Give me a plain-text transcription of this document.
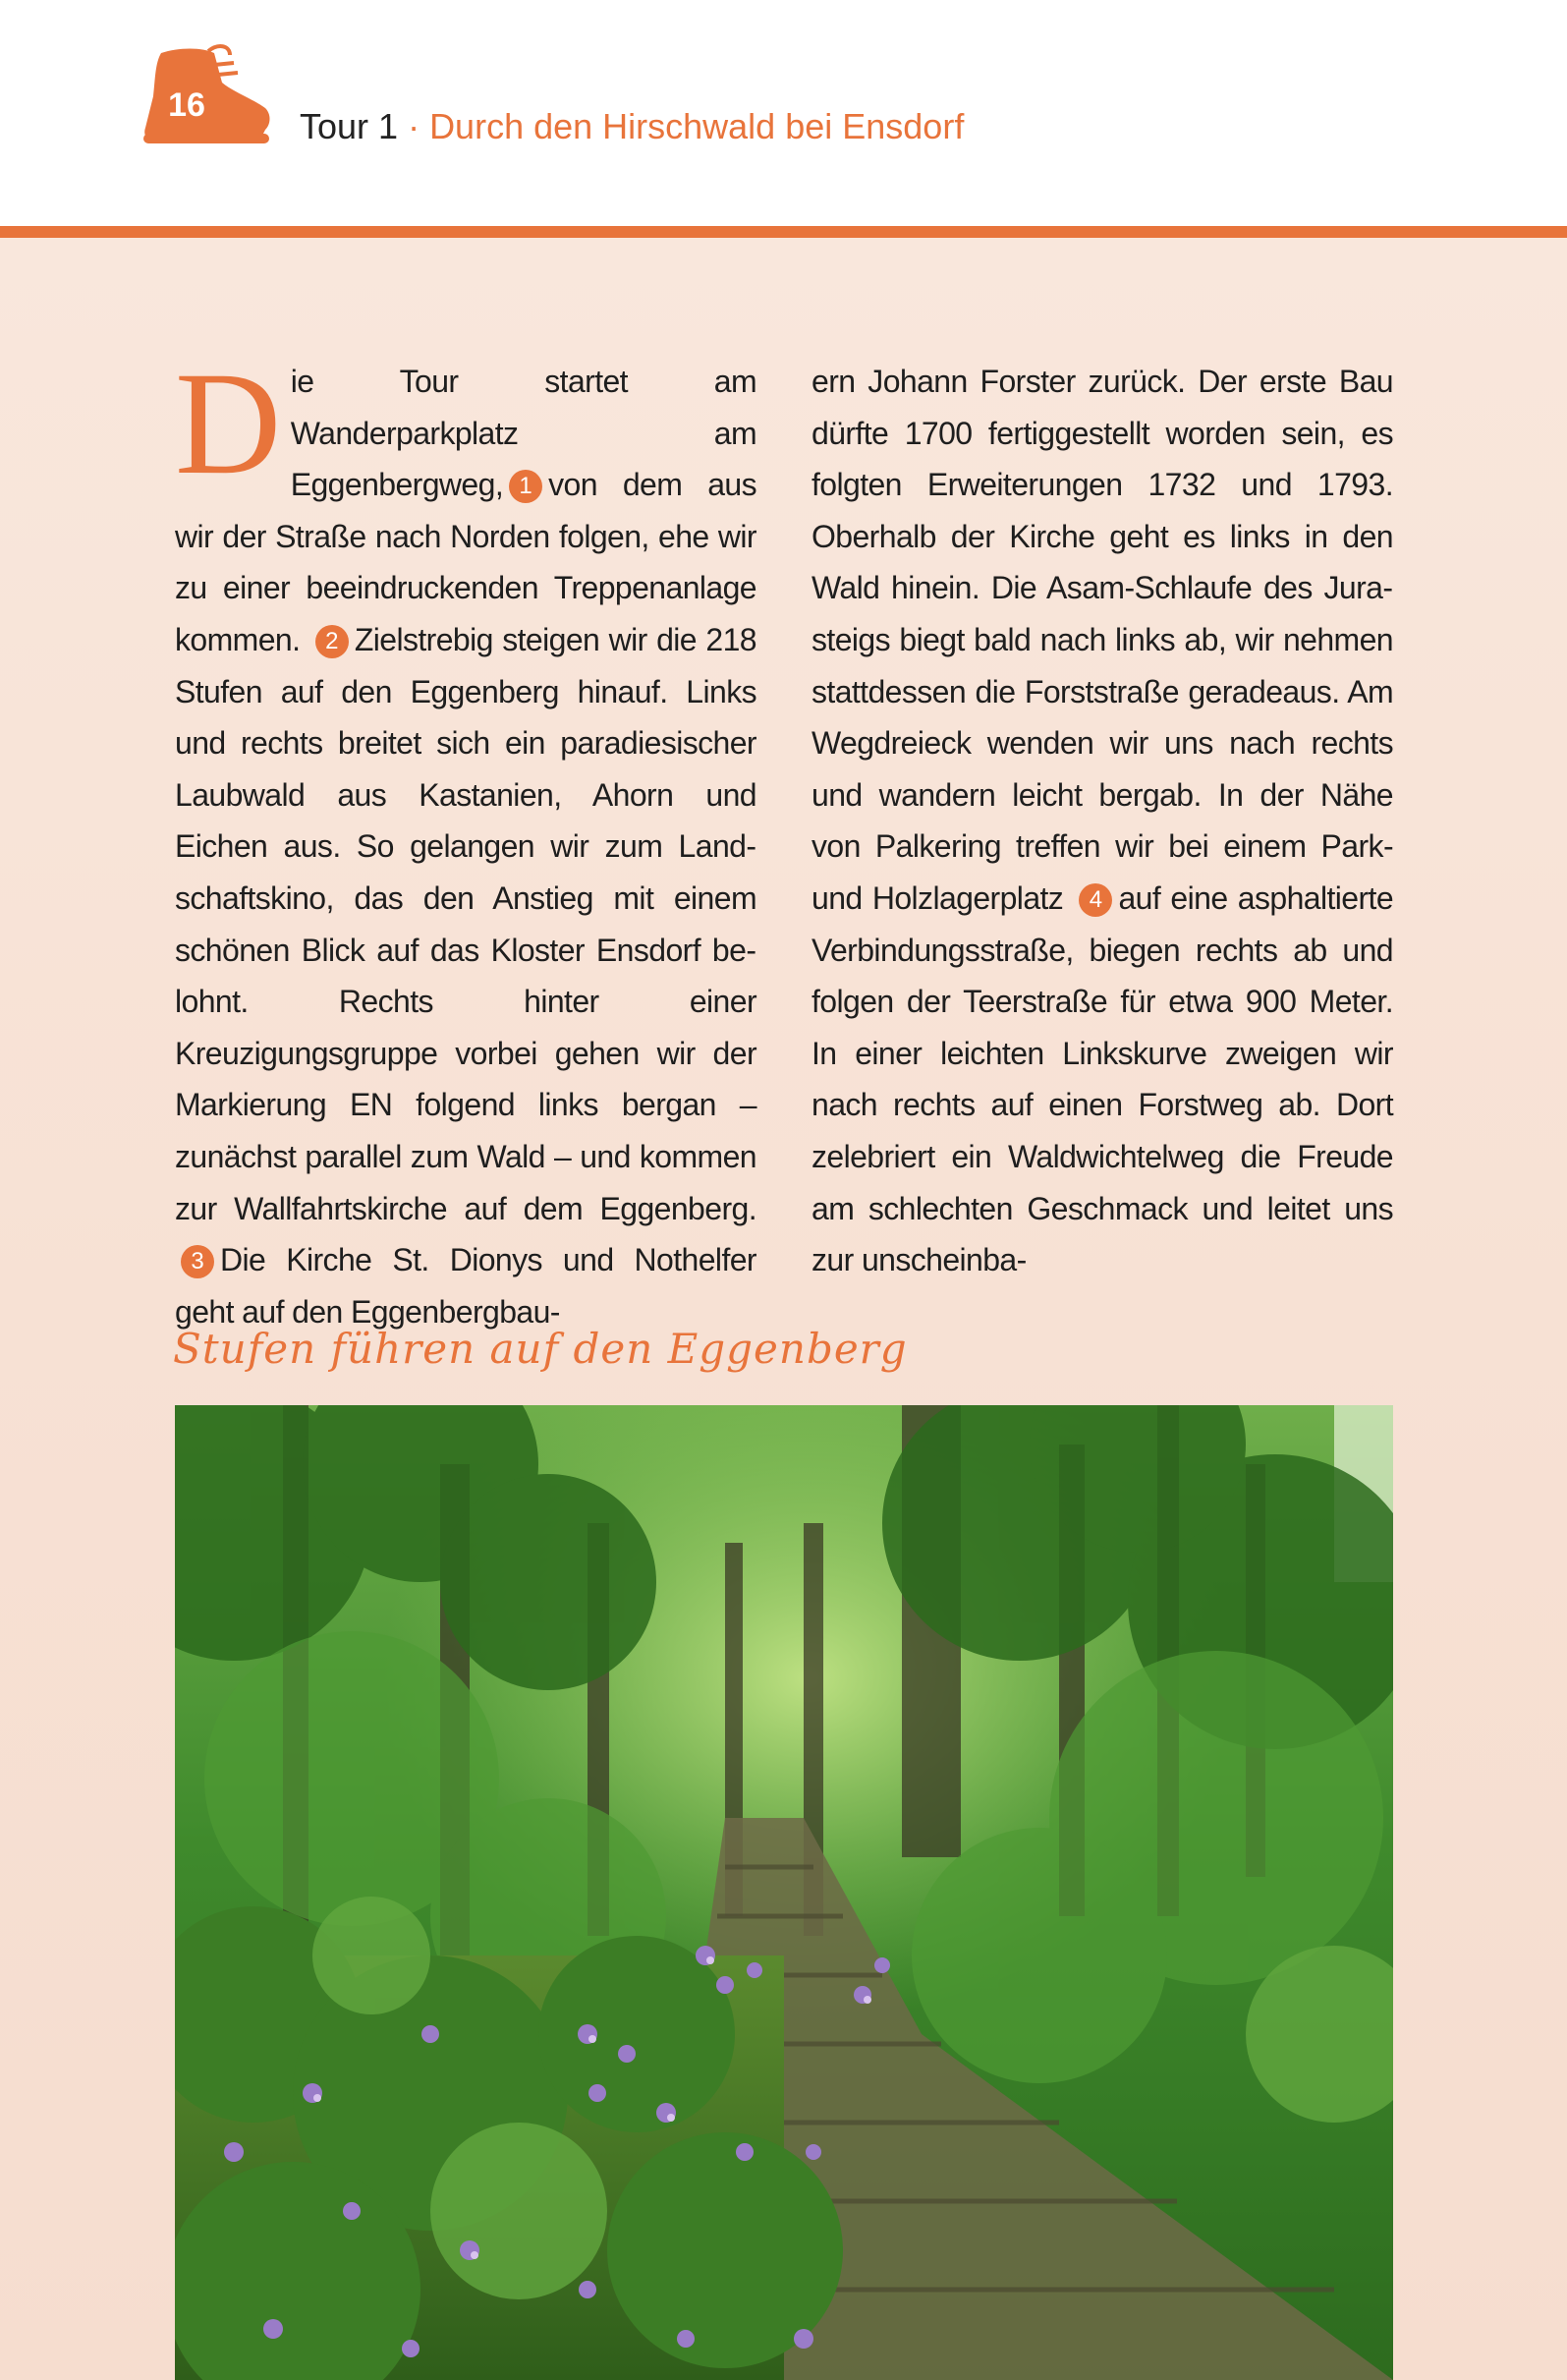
16
Tour 1 · Durch den Hirschwald bei Ensdorf
Die Tour startet am Wanderparkplatz am Eggenbergweg, 1 von dem aus wir der Straße nach Norden folgen, ehe wir zu einer beeindruckenden Treppenanlage kommen. 2 Zielstrebig steigen wir die 218 Stufen auf den Eggenberg hinauf. Links und rechts breitet sich ein paradiesischer Laubwald aus Kastanien, Ahorn und Eichen aus. So gelangen wir zum Landschaftskino, das den Anstieg mit einem schönen Blick auf das Kloster Ensdorf belohnt. Rechts hinter einer Kreuzigungsgruppe vorbei gehen wir der Markierung EN folgend links bergan – zunächst parallel zum Wald – und kommen zur Wallfahrtskirche auf dem Eggenberg. 3 Die Kirche St. Dionys und Nothelfer geht auf den Eggenbergbau-
ern Johann Forster zurück. Der erste Bau dürfte 1700 fertiggestellt worden sein, es folgten Erweiterungen 1732 und 1793. Oberhalb der Kirche geht es links in den Wald hinein. Die Asam-Schlaufe des Jurasteigs biegt bald nach links ab, wir nehmen stattdessen die Forststraße geradeaus. Am Wegdreieck wenden wir uns nach rechts und wandern leicht bergab. In der Nähe von Palkering treffen wir bei einem Park- und Holzlagerplatz 4 auf eine asphaltierte Verbindungsstraße, biegen rechts ab und folgen der Teerstraße für etwa 900 Meter. In einer leichten Linkskurve zweigen wir nach rechts auf einen Forstweg ab. Dort zelebriert ein Waldwichtelweg die Freude am schlechten Geschmack und leitet uns zur unscheinba-
Stufen führen auf den Eggenberg
